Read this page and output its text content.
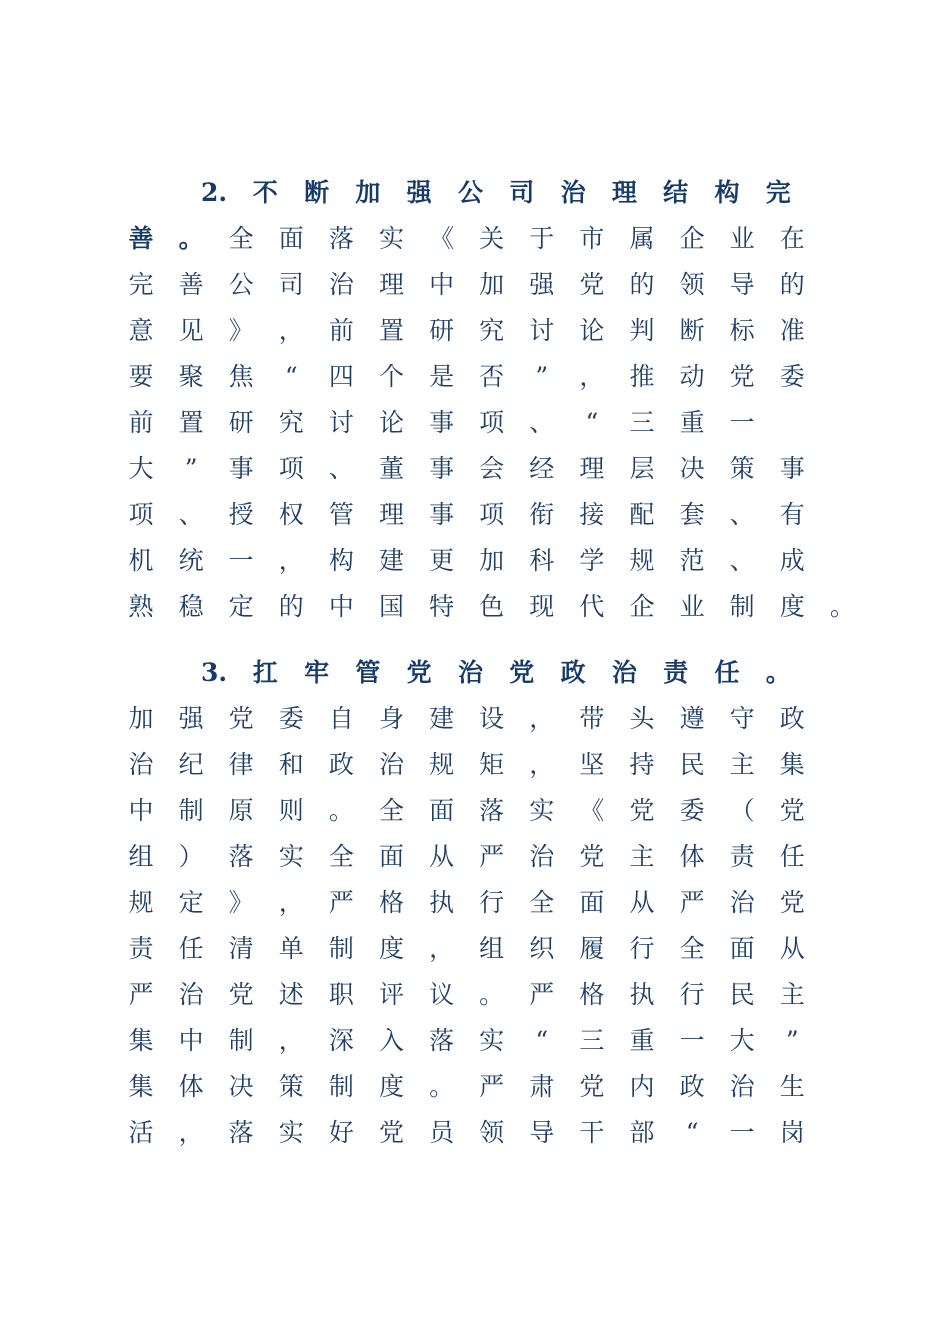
2. 不	断	加	强	公	司	治	理	结	构	完
善	。	全	面	落	实	《	关	于	市	属	企	业	在
完	善	公	司	治	理	中	加	强	党	的	领	导	的
意	见	》	，	前	置	研	究	讨	论	判	断	标	准
要	聚	焦	“	四	个	是	否	”	，	推	动	党	委
前	置	研	究	讨	论	事	项	、	“	三	重	一
大	”	事	项	、	董	事	会	经	理	层	决	策	事
项	、	授	权	管	理	事	项	衔	接	配	套	、	有
机	统	一	，	构	建	更	加	科	学	规	范	、	成
熟	稳	定	的	中	国	特	色	现	代	企	业	制	度	。
3. 扛	牢	管	党	治	党	政	治	责	任	。
加	强	党	委	自	身	建	设	，	带	头	遵	守	政
治	纪	律	和	政	治	规	矩	，	坚	持	民	主	集
中	制	原	则	。	全	面	落	实	《	党	委	（	党
组	）	落	实	全	面	从	严	治	党	主	体	责	任
规	定	》	，	严	格	执	行	全	面	从	严	治	党
责	任	清	单	制	度	，	组	织	履	行	全	面	从
严	治	党	述	职	评	议	。	严	格	执	行	民	主
集	中	制	，	深	入	落	实	“	三	重	一	大	”
集	体	决	策	制	度	。	严	肃	党	内	政	治	生
活	，	落	实	好	党	员	领	导	干	部	“	一	岗
